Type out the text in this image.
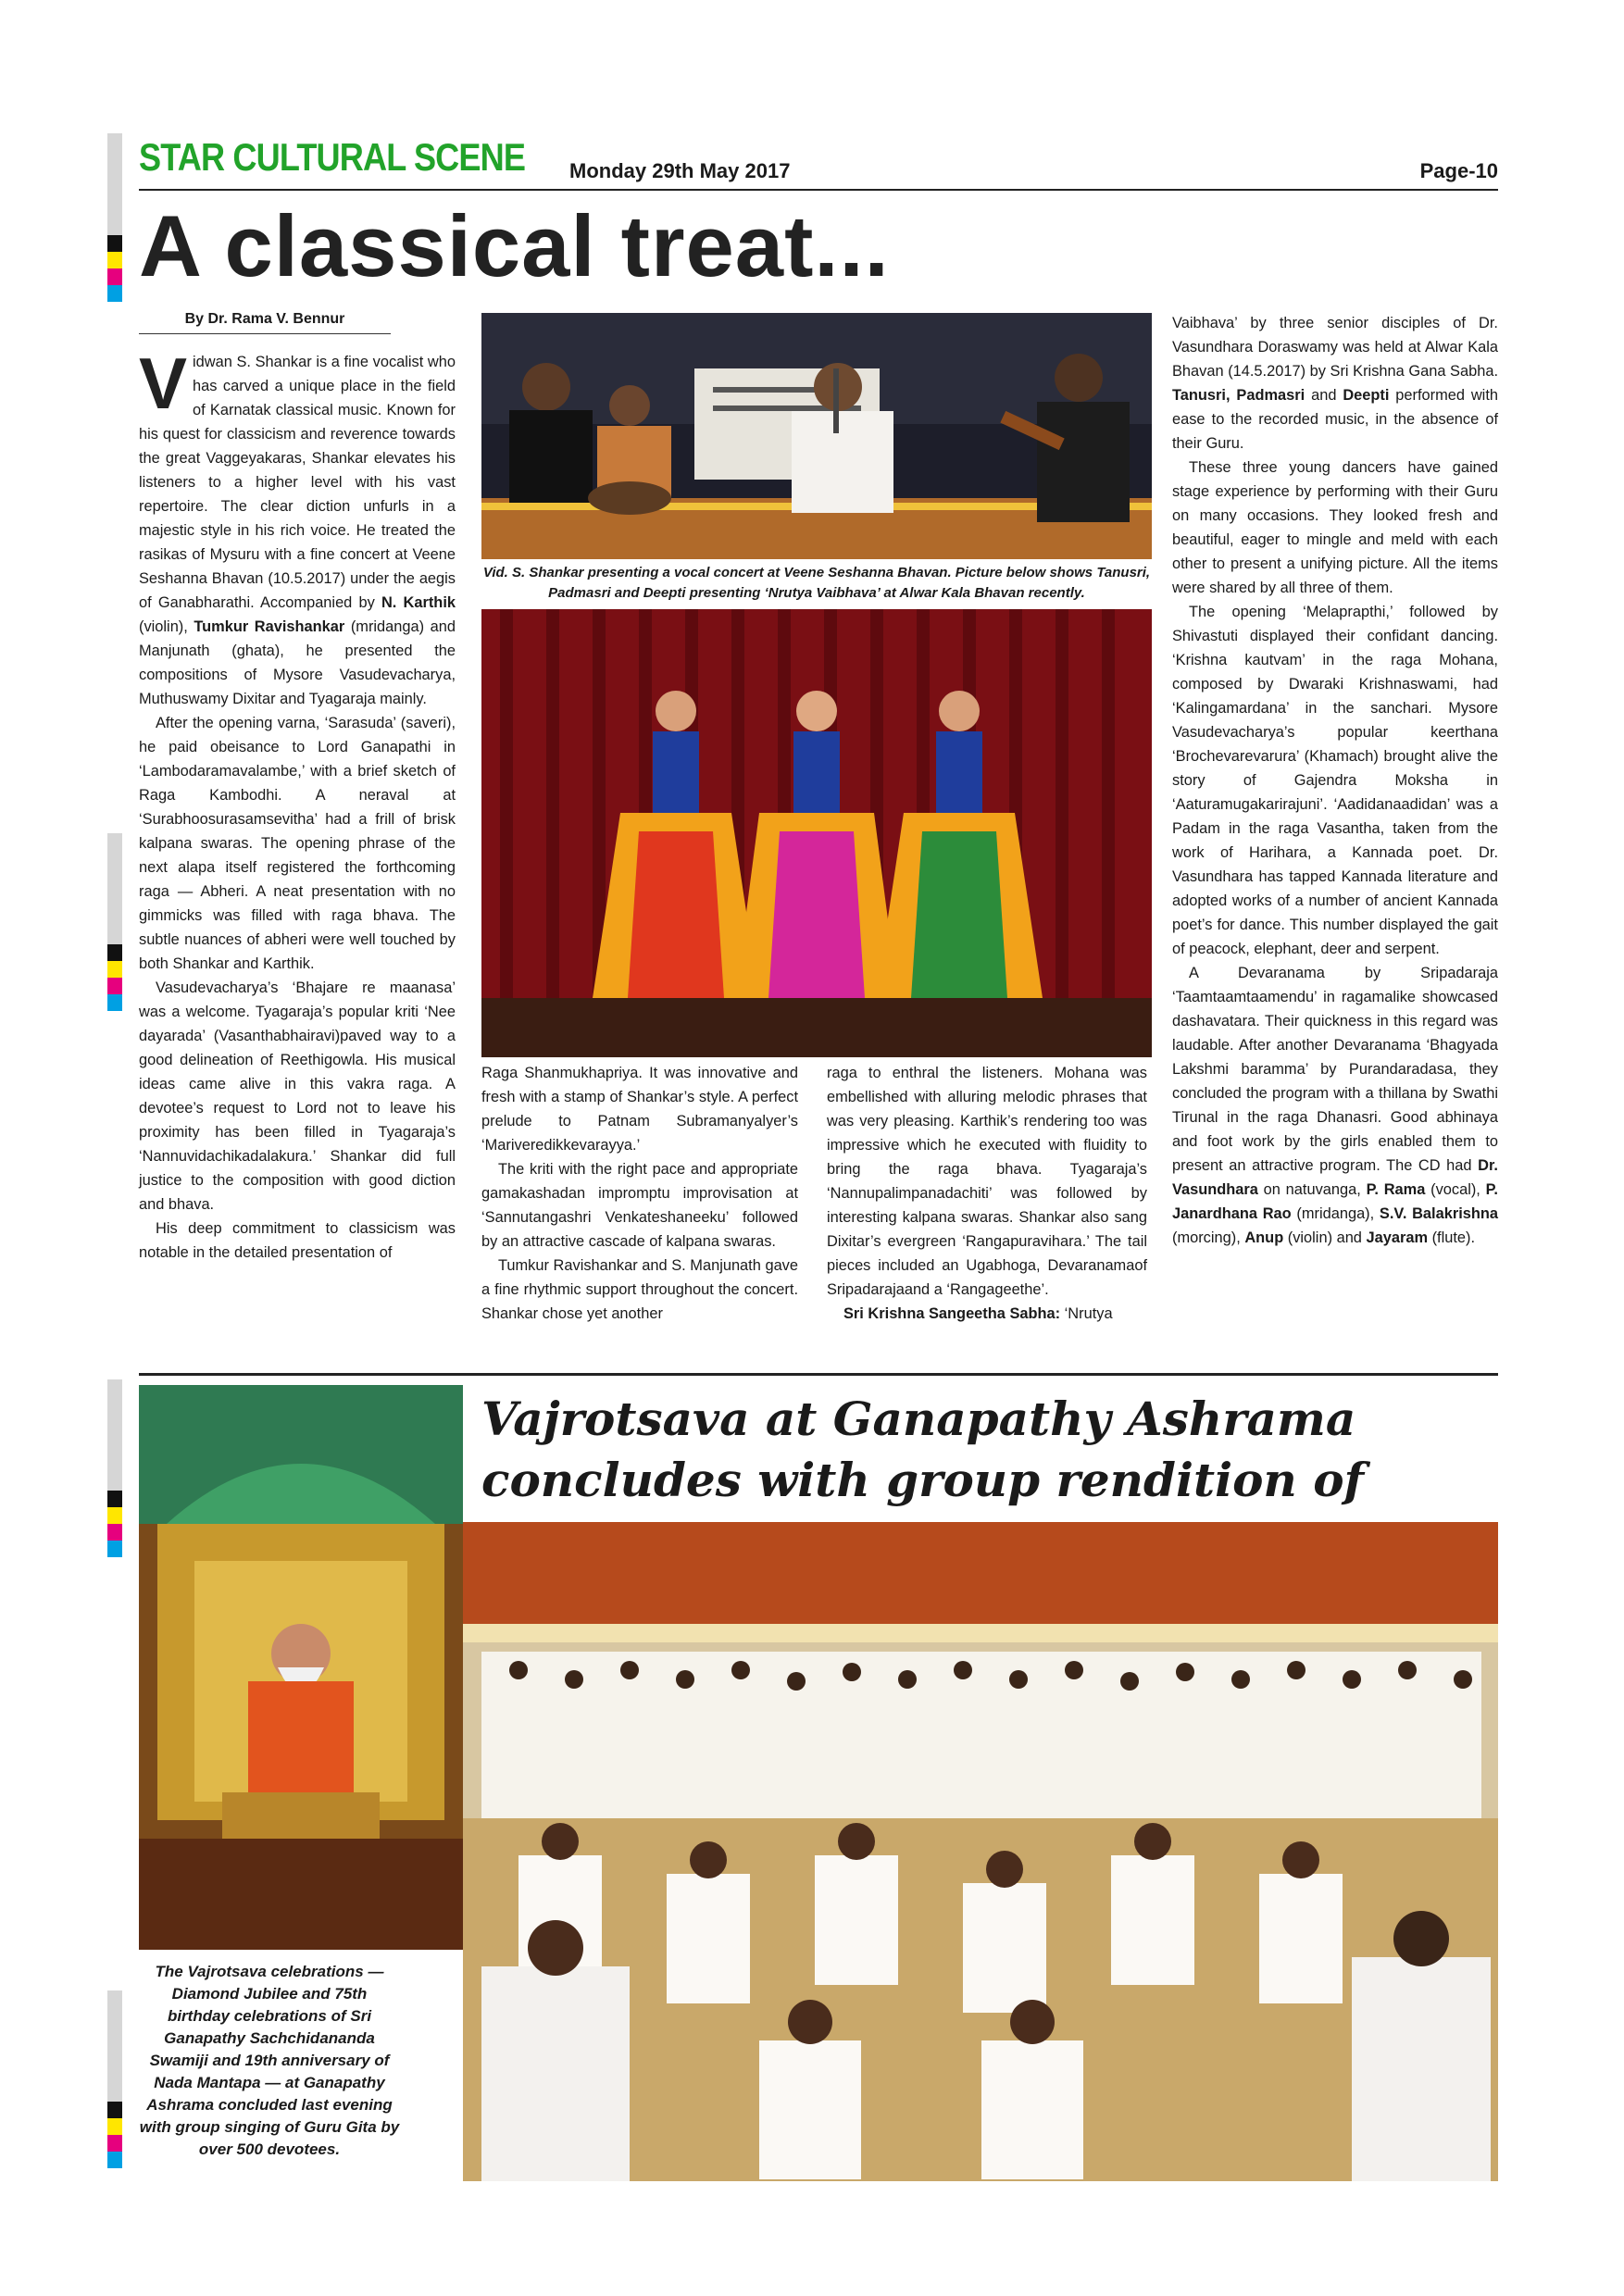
STAR CULTURAL SCENE Monday 29th May 2017	Page-10
A classical treat...
By Dr. Rama V. Bennur

Vidwan S. Shankar is a fine vocalist who has carved a unique place in the field of Karnatak classical music. Known for his quest for classicism and reverence towards the great Vaggeyakaras, Shankar elevates his listeners to a higher level with his vast repertoire. The clear diction unfurls in a majestic style in his rich voice. He treated the rasikas of Mysuru with a fine concert at Veene Seshanna Bhavan (10.5.2017) under the aegis of Ganabharathi. Accompanied by N. Karthik (violin), Tumkur Ravishankar (mridanga) and Manjunath (ghata), he presented the compositions of Mysore Vasudevacharya, Muthuswamy Dixitar and Tyagaraja mainly.

After the opening varna, ‘Sarasuda’ (saveri), he paid obeisance to Lord Ganapathi in ‘Lambodaramavalambe,’ with a brief sketch of Raga Kambodhi. A neraval at ‘Surabhoosurasamsevitha’ had a frill of brisk kalpana swaras. The opening phrase of the next alapa itself registered the forthcoming raga — Abheri. A neat presentation with no gimmicks was filled with raga bhava. The subtle nuances of abheri were well touched by both Shankar and Karthik.

Vasudevacharya’s ‘Bhajare re maanasa’ was a welcome. Tyagaraja’s popular kriti ‘Nee dayarada’ (Vasanthabhairavi)paved way to a good delineation of Reethigowla. His musical ideas came alive in this vakra raga. A devotee’s request to Lord not to leave his proximity has been filled in Tyagaraja’s ‘Nannuvidachikadalakura.’ Shankar did full justice to the composition with good diction and bhava.

His deep commitment to classicism was notable in the detailed presentation of

Vid. S. Shankar presenting a vocal concert at Veene Seshanna Bhavan. Picture below shows Tanusri, Padmasri and Deepti presenting ‘Nrutya Vaibhava’ at Alwar Kala Bhavan recently.

Raga Shanmukhapriya. It was innovative and fresh with a stamp of Shankar’s style. A perfect prelude to Patnam Subramanyalyer’s ‘Mariveredikkevarayya.’

The kriti with the right pace and appropriate gamakashadan impromptu improvisation at ‘Sannutangashri Venkateshaneeku’ followed by an attractive cascade of kalpana swaras.

Tumkur Ravishankar and S. Manjunath gave a fine rhythmic support throughout the concert. Shankar chose yet another

raga to enthral the listeners. Mohana was embellished with alluring melodic phrases that was very pleasing. Karthik’s rendering too was impressive which he executed with fluidity to bring the raga bhava. Tyagaraja’s ‘Nannupalimpanadachiti’ was followed by interesting kalpana swaras. Shankar also sang Dixitar’s evergreen ‘Rangapuravihara.’ The tail pieces included an Ugabhoga, Devaranamaof Sripadarajaand a ‘Rangageethe’.

Sri Krishna Sangeetha Sabha: ‘Nrutya

Vaibhava’ by three senior disciples of Dr. Vasundhara Doraswamy was held at Alwar Kala Bhavan (14.5.2017) by Sri Krishna Gana Sabha. Tanusri, Padmasri and Deepti performed with ease to the recorded music, in the absence of their Guru.

These three young dancers have gained stage experience by performing with their Guru on many occasions. They looked fresh and beautiful, eager to mingle and meld with each other to present a unifying picture. All the items were shared by all three of them.

The opening ‘Melaprapthi,’ followed by Shivastuti displayed their confidant dancing. ‘Krishna kautvam’ in the raga Mohana, composed by Dwaraki Krishnaswami, had ‘Kalingamardana’ in the sanchari. Mysore Vasudevacharya’s popular keerthana ‘Brochevarevarura’ (Khamach) brought alive the story of Gajendra Moksha in ‘Aaturamugakarirajuni’. ‘Aadidanaadidan’ was a Padam in the raga Vasantha, taken from the work of Harihara, a Kannada poet. Dr. Vasundhara has tapped Kannada literature and adopted works of a number of ancient Kannada poet’s for dance. This number displayed the gait of peacock, elephant, deer and serpent.

A Devaranama by Sripadaraja ‘Taamtaamtaamendu’ in ragamalike showcased dashavatara. Their quickness in this regard was laudable. After another Devaranama ‘Bhagyada Lakshmi baramma’ by Purandaradasa, they concluded the program with a thillana by Swathi Tirunal in the raga Dhanasri. Good abhinaya and foot work by the girls enabled them to present an attractive program. The CD had Dr. Vasundhara on natuvanga, P. Rama (vocal), P. Janardhana Rao (mridanga), S.V. Balakrishna (morcing), Anup (violin) and Jayaram (flute).

The Vajrotsava celebrations — Diamond Jubilee and 75th birthday celebrations of Sri Ganapathy Sachchidananda Swamiji and 19th anniversary of Nada Mantapa — at Ganapathy Ashrama concluded last evening with group singing of Guru Gita by over 500 devotees.
Vajrotsava at Ganapathy Ashrama concludes with group rendition of
